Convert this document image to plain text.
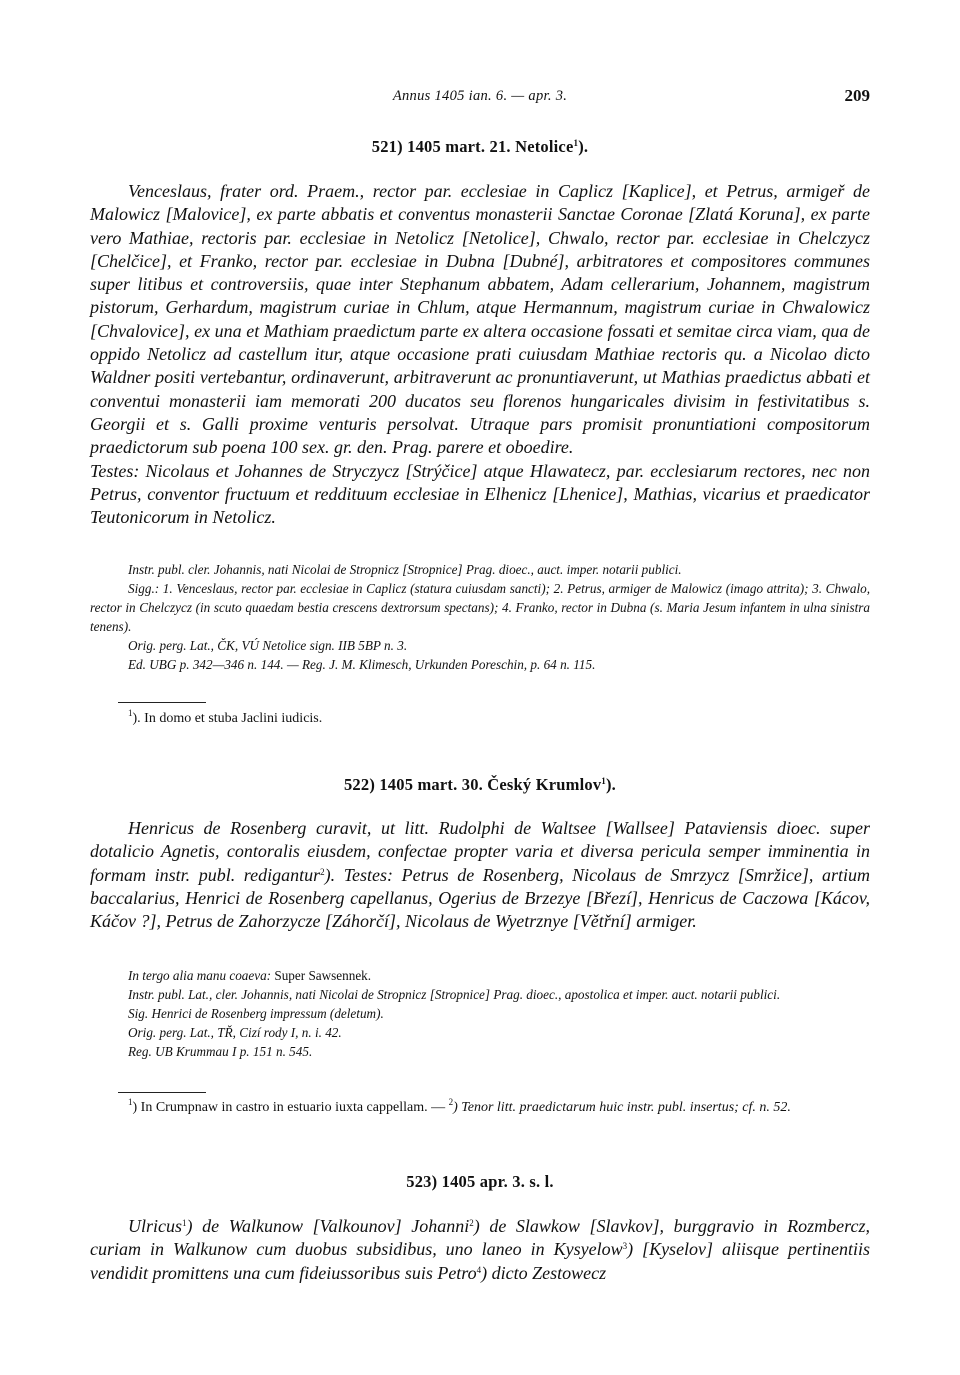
Annus 1405 ian. 6. — apr. 3.	209
521) 1405 mart. 21. Netolice$^1$).

Venceslaus, frater ord. Praem., rector par. ecclesiae in Caplicz [Kaplice], et Petrus, armigeř de Malowicz [Malovice], ex parte abbatis et conventus monasterii Sanctae Coronae [Zlatá Koruna], ex parte vero Mathiae, rectoris par. ecclesiae in Netolicz [Netolice], Chwalo, rector par. ecclesiae in Chelczycz [Chelčice], et Franko, rector par. ecclesiae in Dubna [Dubné], arbitratores et compositores communes super litibus et controversiis, quae inter Stephanum abbatem, Adam cellerarium, Johannem, magistrum pistorum, Gerhardum, magistrum curiae in Chlum, atque Hermannum, magistrum curiae in Chwalowicz [Chvalovice], ex una et Mathiam praedictum parte ex altera occasione fossati et semitae circa viam, qua de oppido Netolicz ad castellum itur, atque occasione prati cuiusdam Mathiae rectoris qu. a Nicolao dicto Waldner positi vertebantur, ordinaverunt, arbitraverunt ac pronuntiaverunt, ut Mathias praedictus abbati et conventui monasterii iam memorati 200 ducatos seu florenos hungaricales divisim in festivitatibus s. Georgii et s. Galli proxime venturis persolvat. Utraque pars promisit pronuntiationi compositorum praedictorum sub poena 100 sex. gr. den. Prag. parere et oboedire.

Testes: Nicolaus et Johannes de Stryczycz [Strýčice] atque Hlawatecz, par. ecclesiarum rectores, nec non Petrus, conventor fructuum et reddituum ecclesiae in Elhenicz [Lhenice], Mathias, vicarius et praedicator Teutonicorum in Netolicz.
Instr. publ. cler. Johannis, nati Nicolai de Stropnicz [Stropnice] Prag. dioec., auct. imper. notarii publici.
Sigg.: 1. Venceslaus, rector par. ecclesiae in Caplicz (statura cuiusdam sancti); 2. Petrus, armiger de Malowicz (imago attrita); 3. Chwalo, rector in Chelczycz (in scuto quaedam bestia crescens dextrorsum spectans); 4. Franko, rector in Dubna (s. Maria Jesum infantem in ulna sinistra tenens).
Orig. perg. Lat., ČK, VÚ Netolice sign. IIB 5BP n. 3.
Ed. UBG p. 342—346 n. 144. — Reg. J. M. Klimesch, Urkunden Poreschin, p. 64 n. 115.
$^1$). In domo et stuba Jaclini iudicis.
522) 1405 mart. 30. Český Krumlov$^1$).

Henricus de Rosenberg curavit, ut litt. Rudolphi de Waltsee [Wallsee] Pataviensis dioec. super dotalicio Agnetis, contoralis eiusdem, confectae propter varia et diversa pericula semper imminentia in formam instr. publ. redigantur$^2$). Testes: Petrus de Rosenberg, Nicolaus de Smrzycz [Smržice], artium baccalarius, Henrici de Rosenberg capellanus, Ogerius de Brzezye [Březí], Henricus de Caczowa [Kácov, Káčov ?], Petrus de Zahorzycze [Záhorčí], Nicolaus de Wyetrznye [Větřní] armiger.

In tergo alia manu coaeva: Super Sawsennek.
Instr. publ. Lat., cler. Johannis, nati Nicolai de Stropnicz [Stropnice] Prag. dioec., apostolica et imper. auct. notarii publici.
Sig. Henrici de Rosenberg impressum (deletum).
Orig. perg. Lat., TŘ, Cizí rody I, n. i. 42.
Reg. UB Krummau I p. 151 n. 545.
$^1$) In Crumpnaw in castro in estuario iuxta cappellam. — $^2$) Tenor litt. praedictarum huic instr. publ. insertus; cf. n. 52.
523) 1405 apr. 3. s. l.

Ulricus$^1$) de Walkunow [Valkounov] Johanni$^2$) de Slawkow [Slavkov], burggravio in Rozmbercz, curiam in Walkunow cum duobus subsidibus, uno laneo in Kysyelow$^3$) [Kyselov] aliisque pertinentiis vendidit promittens una cum fideiussoribus suis Petro$^4$) dicto Zestowecz
